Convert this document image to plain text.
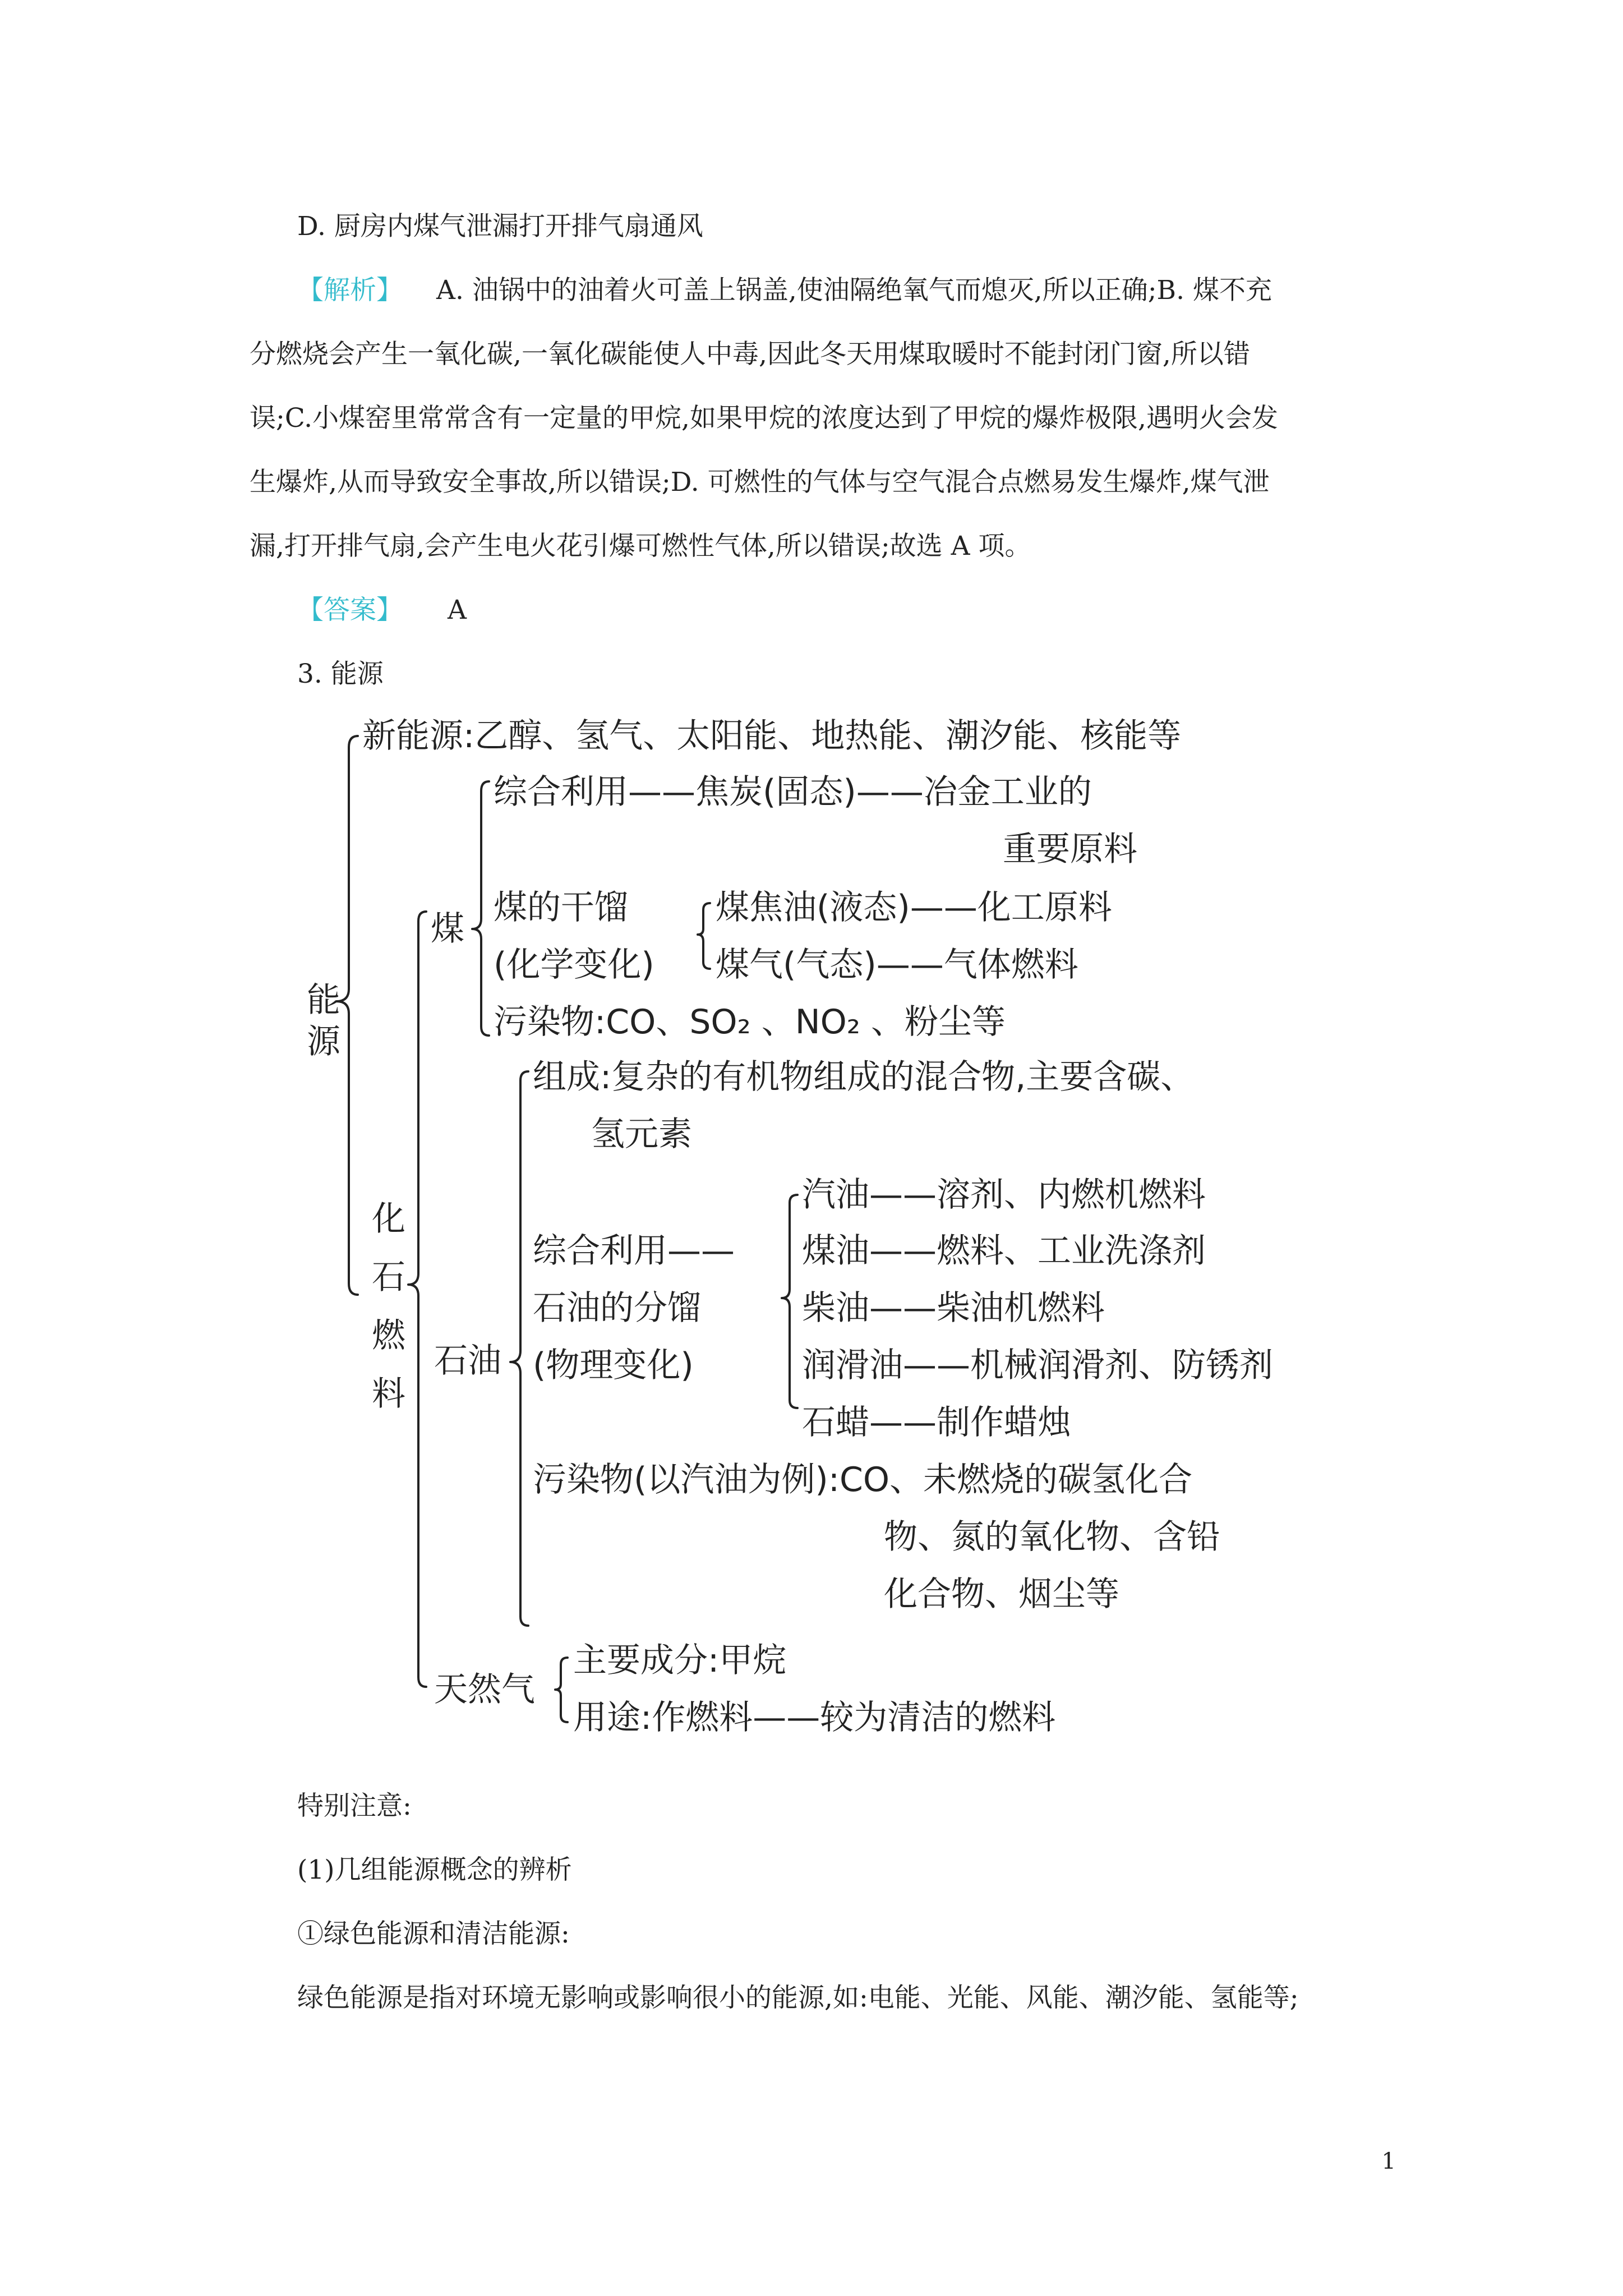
D. 厨房内煤气泄漏打开排气扇通风
【解析】 A. 油锅中的油着火可盖上锅盖,使油隔绝氧气而熄灭,所以正确;B. 煤不充
分燃烧会产生一氧化碳,一氧化碳能使人中毒,因此冬天用煤取暖时不能封闭门窗,所以错
误;C.小煤窑里常常含有一定量的甲烷,如果甲烷的浓度达到了甲烷的爆炸极限,遇明火会发
生爆炸,从而导致安全事故,所以错误;D. 可燃性的气体与空气混合点燃易发生爆炸,煤气泄
漏,打开排气扇,会产生电火花引爆可燃性气体,所以错误;故选 A 项。
【答案】 A
3. 能源
能源
新能源:乙醇、氢气、太阳能、地热能、潮汐能、核能等
化石燃料
煤
综合利用——焦炭(固态)——冶金工业的
重要原料
煤的干馏
(化学变化)
煤焦油(液态)——化工原料
煤气(气态)——气体燃料
污染物:CO、SO₂ 、NO₂ 、粉尘等
石油
组成:复杂的有机物组成的混合物,主要含碳、
氢元素
综合利用——
石油的分馏
(物理变化)
汽油——溶剂、内燃机燃料
煤油——燃料、工业洗涤剂
柴油——柴油机燃料
润滑油——机械润滑剂、防锈剂
石蜡——制作蜡烛
污染物(以汽油为例):CO、未燃烧的碳氢化合
物、氮的氧化物、含铅
化合物、烟尘等
天然气
主要成分:甲烷
用途:作燃料——较为清洁的燃料
特别注意:
(1)几组能源概念的辨析
①绿色能源和清洁能源:
绿色能源是指对环境无影响或影响很小的能源,如:电能、光能、风能、潮汐能、氢能等;
1
